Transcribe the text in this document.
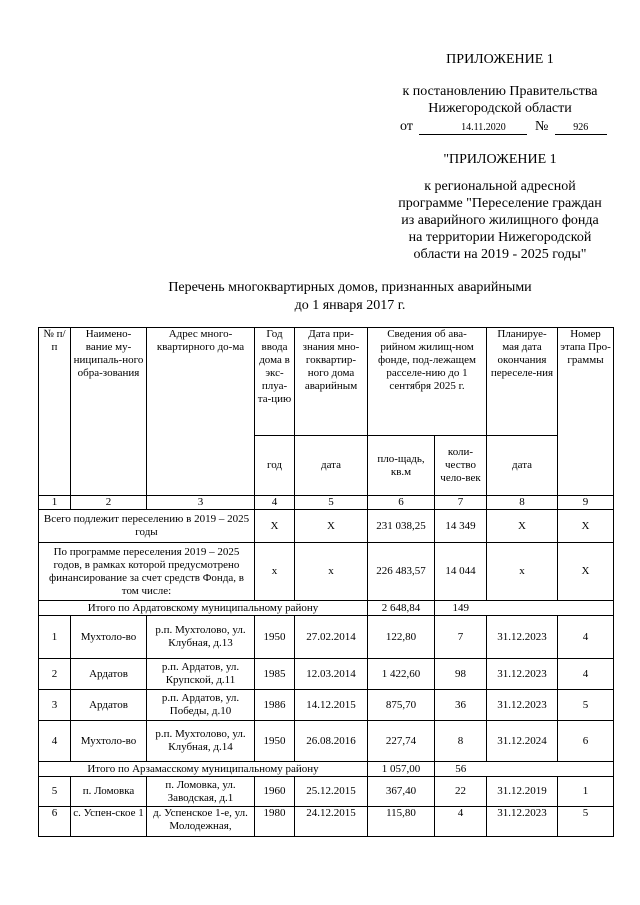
ПРИЛОЖЕНИЕ 1
к постановлению Правительства
Нижегородской области
от	14.11.2020 №	926
"ПРИЛОЖЕНИЕ 1
к региональной адресной
программе "Переселение граждан
из аварийного жилищного фонда
на территории Нижегородской
области на 2019 - 2025 годы"
Перечень многоквартирных домов, признанных аварийными
до 1 января 2017 г.
№ п/п	Наимено-вание му-ниципаль-ного обра-зования	Адрес много-квартирного до-ма	Год ввода дома в экс-плуа-та-цию	Дата при-знания мно-гоквартир-ного дома аварийным	Сведения об ава-рийном жилищ-ном фонде, под-лежащем расселе-нию до 1 сентября 2025 г.		Планируе-мая дата окончания переселе-ния	Номер этапа Про-граммы
			год	дата	пло-щадь, кв.м	коли-чество чело-век	дата	
1	2	3	4	5	6	7	8	9
Всего подлежит переселению в 2019 – 2025 годы			X	X	231 038,25	14 349	X	X
По программе переселения 2019 – 2025 годов, в рамках которой предусмотрено финансирование за счет средств Фонда, в том числе:			x	x	226 483,57	14 044	x	X
Итого по Ардатовскому муниципальному району					2 648,84	149		
1	Мухтоло-во	р.п. Мухтолово, ул. Клубная, д.13	1950	27.02.2014	122,80	7	31.12.2023	4
2	Ардатов	р.п. Ардатов, ул. Крупской, д.11	1985	12.03.2014	1 422,60	98	31.12.2023	4
3	Ардатов	р.п. Ардатов, ул. Победы, д.10	1986	14.12.2015	875,70	36	31.12.2023	5
4	Мухтоло-во	р.п. Мухтолово, ул. Клубная, д.14	1950	26.08.2016	227,74	8	31.12.2024	6
Итого по Арзамасскому муниципальному району					1 057,00	56		
5	п. Ломовка	п. Ломовка, ул. Заводская, д.1	1960	25.12.2015	367,40	22	31.12.2019	1
6	с. Успен-ское 1	д. Успенское 1-е, ул. Молодежная,	1980	24.12.2015	115,80	4	31.12.2023	5
